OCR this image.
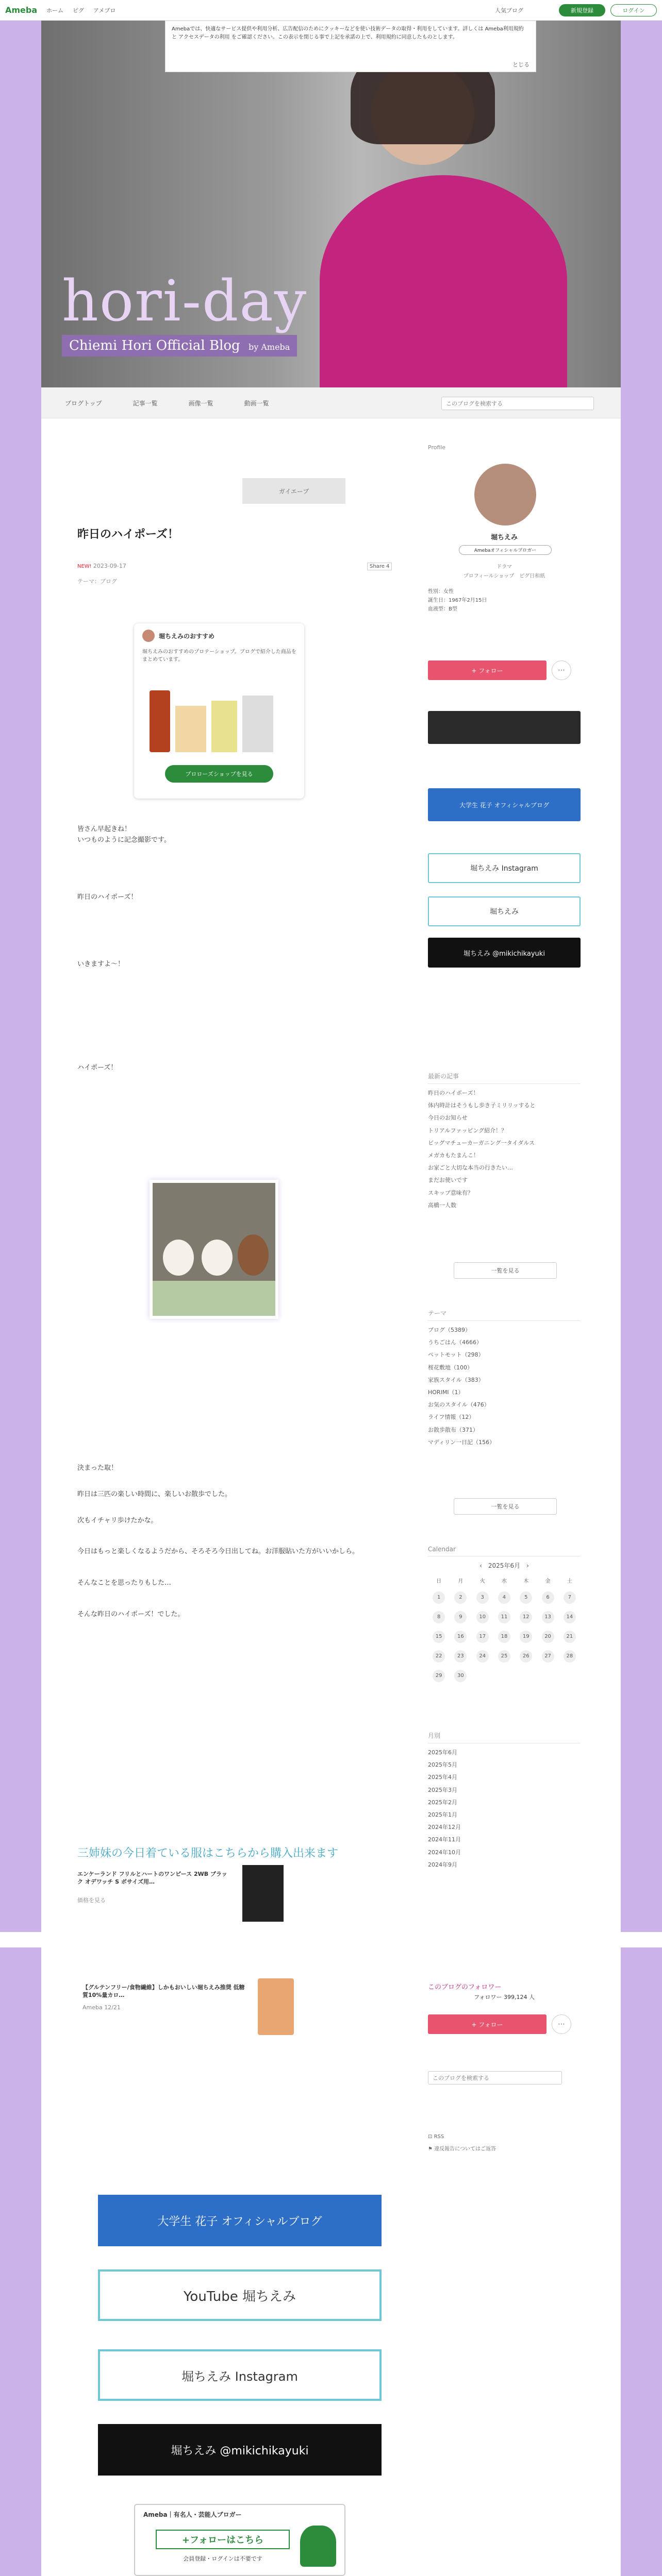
Ameba ホーム ピグ アメブロ	人気ブログ	新規登録	ログイン
hori-day
Chiemi Hori Official Blog by Ameba
Amebaでは、快適なサービス提供や利用分析、広告配信のためにクッキーなどを使い技術データの取得・利用をしています。詳しくは Ameba利用規約 と アクセスデータの利用 をご確認ください。この表示を閉じる事で上記を承諾の上で、利用規約に同意したものとします。
とじる
ブログトップ	記事一覧	画像一覧	動画一覧
このブログを検索する
ガイエーブ
昨日のハイポーズ！
NEW! 2023-09-17
テーマ：ブログ
Share 4
堀ちえみのおすすめ
堀ちえみのおすすめのプロテーショップ。ブログで紹介した商品をまとめています。
プロローズショップを見る
皆さん早起きね！
いつものように記念撮影です。
昨日のハイポーズ！
いきますよ〜！
ハイポーズ！
決まった取！
昨日は三匹の楽しい時間に、楽しいお散歩でした。
次もイチャリ歩けたかな。
今日はもっと楽しくなるようだから、そろそろ今日出してね。お洋服貼いた方がいいかしら。
そんなことを思ったりもした…
そんな昨日のハイポーズ！でした。
三姉妹の今日着ている服はこちらから購入出来ます
エンケーランド フリルとハートのワンピース 2WB ブラック オデワッチ S ボサイズ用…
価格を見る
Profile
堀ちえみ
Amebaオフィシャルブロガー
ドラマ
プロフィールショップ　 ピグ日和紙
性別：女性
誕生日：1967年2月15日
血液型：B型
+ フォロー	⋯
大学生 花子 オフィシャルブログ
堀ちえみ Instagram
堀ちえみ
堀ちえみ @mikichikayuki
最新の記事
昨日のハイポーズ！
体内時計はそうもし歩き子ミリリッすると
今日のお知らせ
トリアルファッピング紹介！？
ビッグマチューカーガニング一タイダルス
メガカもたまんこ！
お家ごと大切な本当の行きたい…
まだお使いです
スキップ意味有？
高橋一人数
一覧を見る
テーマ
ブログ（5389）
うちごはん（4666）
ペットモット（298）
桜花敷地（100）
家族スタイル（383）
HORIMI（1）
お気のスタイル（476）
ライフ情報（12）
お散歩散布（371）
マディリン一日記（156）
一覧を見る
Calendar
‹　 2025年6月　 ›
日	月	火	水	木	金	土
1	2	3	4	5	6	7
8	9	10	11	12	13	14
15	16	17	18	19	20	21
22	23	24	25	26	27	28
29	30
月別
2025年6月
2025年5月
2025年4月
2025年3月
2025年2月
2025年1月
2024年12月
2024年11月
2024年10月
2024年9月
【グルテンフリー/食物繊維】しかもおいしい堀ちえみ推奨 低糖質10%量カロ…
Ameba 12/21
このブログのフォロワー
フォロワー 399,124 人
+ フォロー	⋯
このブログを検索する
⊡ RSS
⚑ 違反報告についてはご返答
大学生 花子 オフィシャルブログ
YouTube 堀ちえみ
堀ちえみ Instagram
堀ちえみ @mikichikayuki
Ameba｜有名人・芸能人ブロガー
+フォローはこちら
会員登録・ログインは不要です
